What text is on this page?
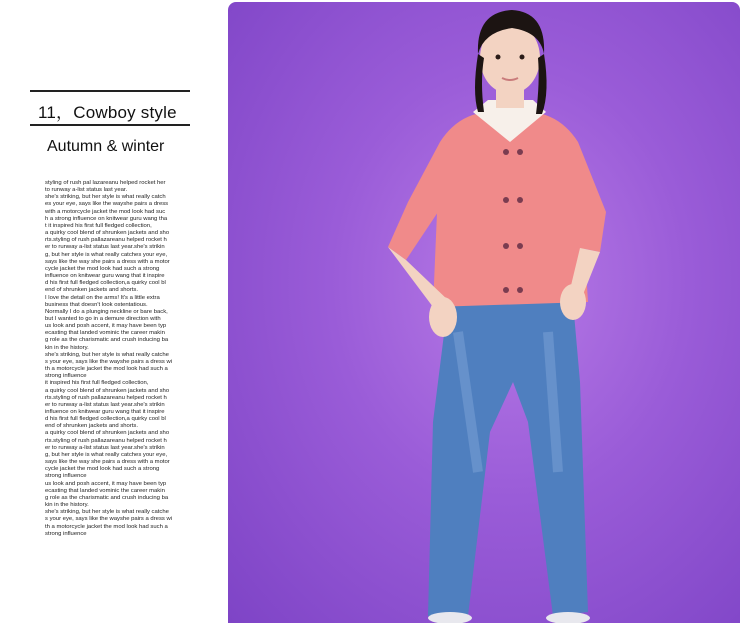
11，Cowboy style
Autumn & winter
styling of rush pal lazareanu helped rocket her
to runway a-list status last year.
she's striking, but her style is what really catch
es your eye, says like the wayshe pairs a dress
with a motorcycle jacket the mod look had suc
h a strong influence on knitwear guru wang tha
t it inspired his first full fledged collection,
a quirky cool blend of shrunken jackets and sho
rts.styling of rush pallazareanu helped rocket h
er to runway a-list status last year.she's strikin
g, but her style is what really catches your eye,
says like the way she pairs a dress with a motor
cycle jacket the mod look had such a strong
influence on knitwear guru wang that it inspire
d his first full fledged collection,a quirky cool bl
end of shrunken jackets and shorts.
I love the detail on the arms! It's a little extra
business that doesn't look ostentatious.
Normally I do a plunging neckline or bare back,
but I wanted to go in a demure direction with
us look and posh accent, it may have been typ
ecasting that landed vominic the career makin
g role as the charismatic and crush inducing ba
kin in the history.
she's striking, but her style is what really catche
s your eye, says like the wayshe pairs a dress wi
th a motorcycle jacket the mod look had such a
strong influence
it inspired his first full fledged collection,
a quirky cool blend of shrunken jackets and sho
rts.styling of rush pallazareanu helped rocket h
er to runway a-list status last year.she's strikin
influence on knitwear guru wang that it inspire
d his first full fledged collection,a quirky cool bl
end of shrunken jackets and shorts.
a quirky cool blend of shrunken jackets and sho
rts.styling of rush pallazareanu helped rocket h
er to runway a-list status last year.she's strikin
g, but her style is what really catches your eye,
says like the way she pairs a dress with a motor
cycle jacket the mod look had such a strong
strong influence
us look and posh accent, it may have been typ
ecasting that landed vominic the career makin
g role as the charismatic and crush inducing ba
kin in the history.
she's striking, but her style is what really catche
s your eye, says like the wayshe pairs a dress wi
th a motorcycle jacket the mod look had such a
strong influence
